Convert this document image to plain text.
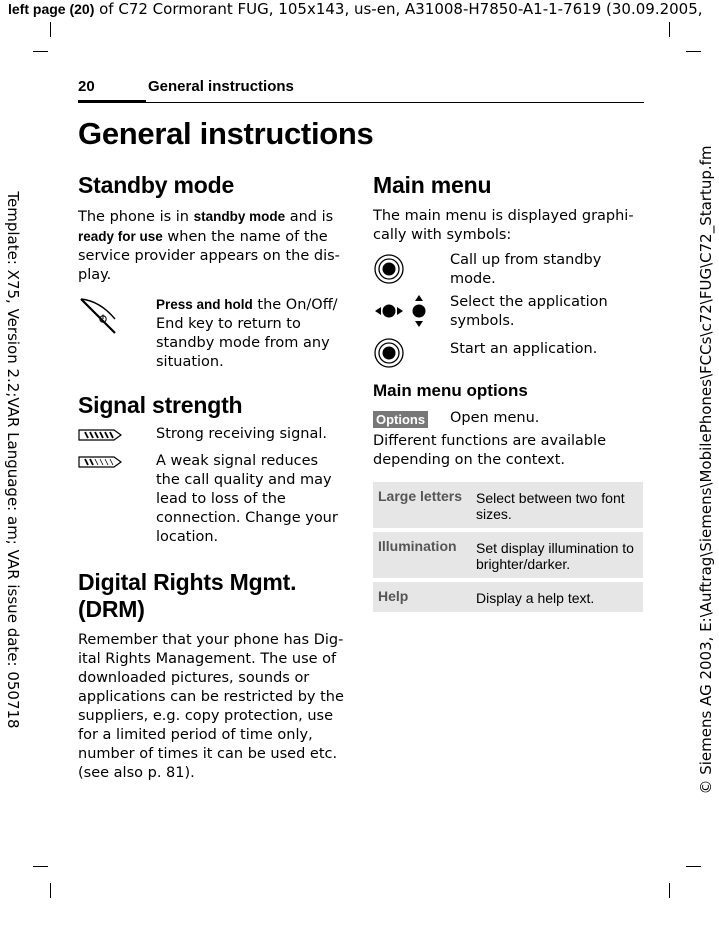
left page (20) of C72 Cormorant FUG, 105x143, us-en, A31008-H7850-A1-1-7619 (30.09.2005,
Template: X75, Version 2.2;VAR Language: am; VAR issue date: 050718	© Siemens AG 2003, E:\Auftrag\Siemens\MobilePhones\FCCs\c72\FUG\C72_Startup.fm
20	General instructions
General instructions
Standby mode

The phone is in standby mode and is ready for use when the name of the service provider appears on the dis-play.

Press and hold the On/Off/ End key to return to standby mode from any situation.
Signal strength
Strong receiving signal.
A weak signal reduces the call quality and may lead to loss of the connection. Change your location.
Digital Rights Mgmt. (DRM)

Remember that your phone has Dig-ital Rights Management. The use of downloaded pictures, sounds or applications can be restricted by the suppliers, e.g. copy protection, use for a limited period of time only, number of times it can be used etc. (see also p. 81).

Main menu

The main menu is displayed graphi-cally with symbols:

Call up from standby mode.
Select the application symbols.
Start an application.
Main menu options
Options	Open menu.

Different functions are available depending on the context.

Large letters	Select between two font sizes.
Illumination	Set display illumination to brighter/darker.
Help	Display a help text.
